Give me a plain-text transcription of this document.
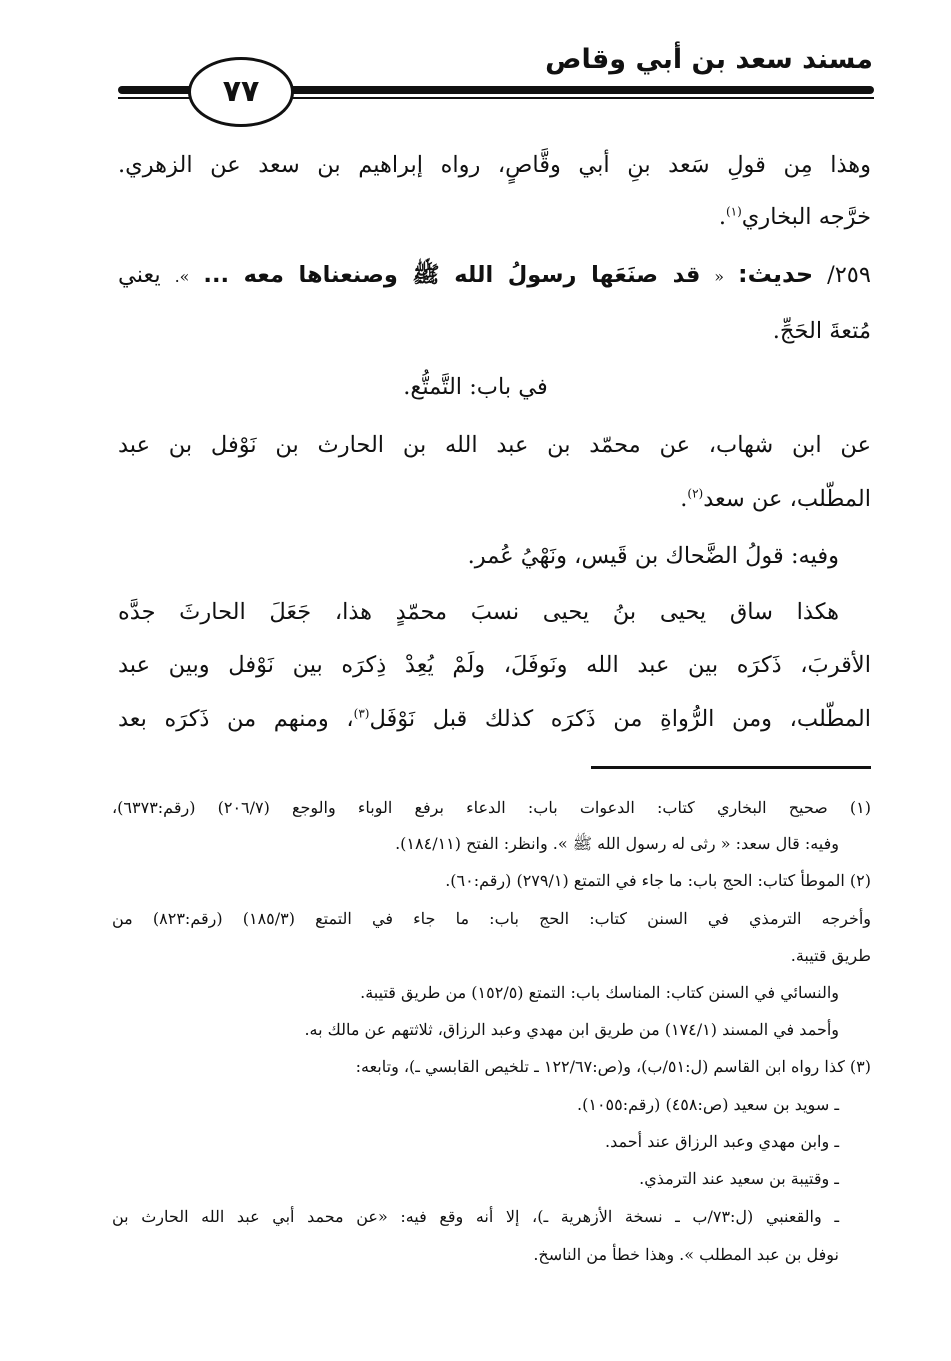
مسند سعد بن أبي وقاص
٧٧
وهذا مِن قولِ سَعد بنِ أبي وقَّاصٍ، رواه إبراهيم بن سعد عن الزهري.
خرَّجه البخاري$^{(١)}$.
٢٥٩/ حديث: « قد صنَعَها رسولُ الله ﷺ وصنعناها معه ... ». يعني
مُتعةَ الحَجِّ.
في باب: التَّمتُّع.
عن ابن شهاب، عن محمّد بن عبد الله بن الحارث بن نَوْفل بن عبد
المطّلب، عن سعد$^{(٢)}$.
وفيه: قولُ الضَّحاك بن قَيس، ونَهْيُ عُمر.
هكذا ساق يحيى بنُ يحيى نسبَ محمّدٍ هذا، جَعَلَ الحارثَ جدَّه
الأقربَ، ذَكرَه بين عبد الله ونَوفَلَ، ولَمْ يُعِدْ ذِكرَه بين نَوْفل وبين عبد
المطّلب، ومن الرُّواةِ من ذَكرَه كذلك قبل نَوْفَل$^{(٣)}$، ومنهم من ذَكرَه بعد
(١) صحيح البخاري كتاب: الدعوات باب: الدعاء برفع الوباء والوجع (٢٠٦/٧) (رقم:٦٣٧٣)،
وفيه: قال سعد: « رثى له رسول الله ﷺ ». وانظر: الفتح (١٨٤/١١).
(٢) الموطأ كتاب: الحج باب: ما جاء في التمتع (٢٧٩/١) (رقم:٦٠).
وأخرجه الترمذي في السنن كتاب: الحج باب: ما جاء في التمتع (١٨٥/٣) (رقم:٨٢٣) من
طريق قتيبة.
والنسائي في السنن كتاب: المناسك باب: التمتع (١٥٢/٥) من طريق قتيبة.
وأحمد في المسند (١٧٤/١) من طريق ابن مهدي وعبد الرزاق، ثلاثتهم عن مالك به.
(٣) كذا رواه ابن القاسم (ل:٥١/ب)، و(ص:١٢٢/٦٧ ـ تلخيص القابسي ـ)، وتابعه:
ـ سويد بن سعيد (ص:٤٥٨) (رقم:١٠٥٥).
ـ وابن مهدي وعبد الرزاق عند أحمد.
ـ وقتيبة بن سعيد عند الترمذي.
ـ والقعنبي (ل:٧٣/ب ـ نسخة الأزهرية ـ)، إلا أنه وقع فيه: «عن محمد أبي عبد الله الحارث بن
نوفل بن عبد المطلب ». وهذا خطأ من الناسخ.
